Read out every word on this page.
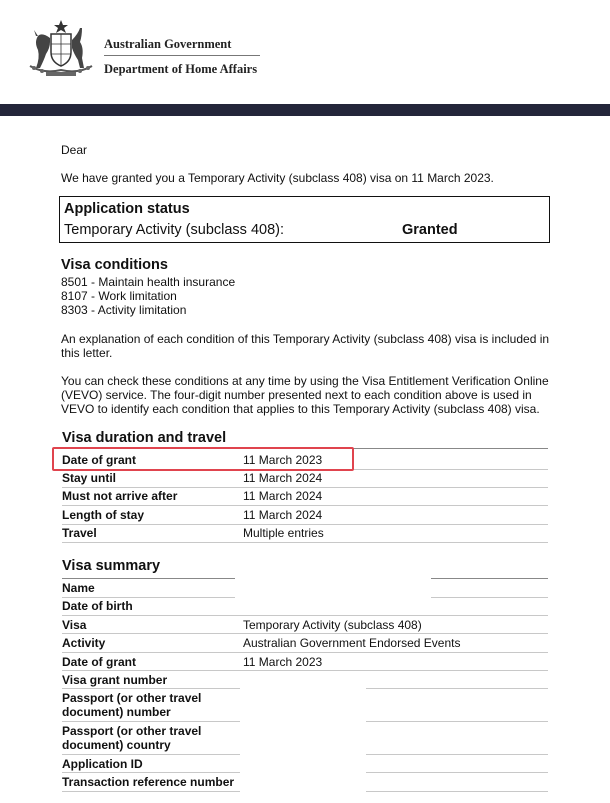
Australian Government
Department of Home Affairs
Dear
We have granted you a Temporary Activity (subclass 408) visa on 11 March 2023.
Application status
Temporary Activity (subclass 408):	Granted
Visa conditions
8501 - Maintain health insurance
8107 - Work limitation
8303 - Activity limitation
An explanation of each condition of this Temporary Activity (subclass 408) visa is included in this letter.
You can check these conditions at any time by using the Visa Entitlement Verification Online (VEVO) service. The four-digit number presented next to each condition above is used in VEVO to identify each condition that applies to this Temporary Activity (subclass 408) visa.
Visa duration and travel
Date of grant	11 March 2023
Stay until	11 March 2024
Must not arrive after	11 March 2024
Length of stay	11 March 2024
Travel	Multiple entries
Visa summary
Name
Date of birth
Visa	Temporary Activity (subclass 408)
Activity	Australian Government Endorsed Events
Date of grant	11 March 2023
Visa grant number
Passport (or other travel
document) number
Passport (or other travel
document) country
Application ID
Transaction reference number
